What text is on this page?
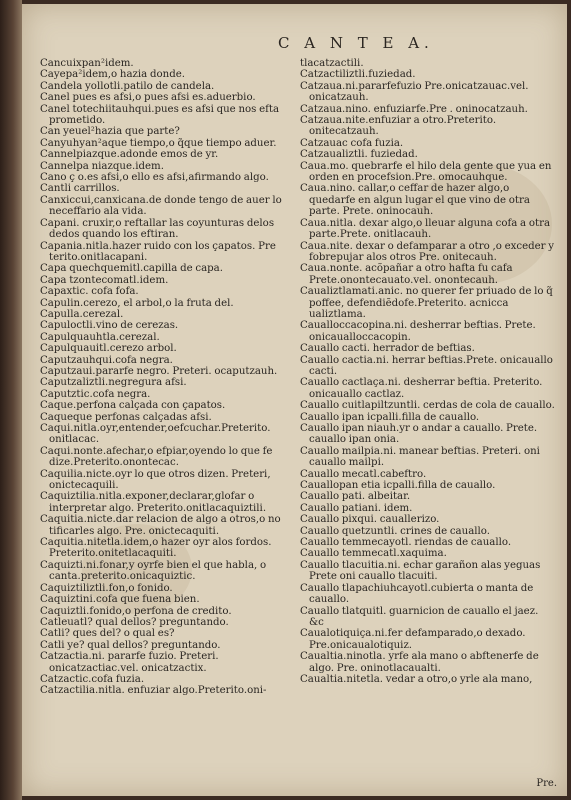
C A N T E A.

Cancuixpan²idem.

Cayepa²idem,o hazia donde.

Candela yollotli.patilo de candela.

Canel pues es afsi,o pues afsi es.aduerbio.

Canel totechiitauhqui.pues es afsi que nos efta prometido.

Can yeuel²hazia que parte?

Canyuhyan²aque tiempo,o q̃que tiempo aduer.

Cannelpiazque.adonde emos de yr.

Cannelpa niazque.idem.

Cano ç o.es afsi,o ello es afsi,afirmando algo.

Cantli carrillos.

Canxiccui,canxicana.de donde tengo de auer lo neceffario ala vida.

Capani. cruxir,o reftallar las coyunturas delos dedos quando los eftiran.

Capania.nitla.hazer ruido con los çapatos. Pre terito.onitlacapani.

Capa quechquemitl.capilla de capa.

Capa tzontecomatl.idem.

Capaxtic. cofa fofa.

Capulin.cerezo, el arbol,o la fruta del.

Capulla.cerezal.

Capuloctli.vino de cerezas.

Capulquauhtla.cerezal.

Capulquauitl.cerezo arbol.

Caputzauhqui.cofa negra.

Caputzaui.pararfe negro. Preteri. ocaputzauh.

Caputzaliztli.negregura afsi.

Caputztic.cofa negra.

Caque.perfona calçada con çapatos.

Caqueque perfonas calçadas afsi.

Caqui.nitla.oyr,entender,oefcuchar.Preterito. onitlacac.

Caqui.nonte.afechar,o efpiar,oyendo lo que fe dize.Preterito.onontecac.

Caquilia.nicte.oyr lo que otros dizen. Preteri, onictecaquili.

Caquiztilia.nitla.exponer,declarar,glofar o interpretar algo. Preterito.onitlacaquiztili.

Caquitia.nicte.dar relacion de algo a otros,o no tificarles algo. Pre. onictecaquiti.

Caquitia.nitetla.idem,o hazer oyr alos fordos. Preterito.onitetlacaquiti.

Caquizti.ni.fonar,y oyrfe bien el que habla, o canta.preterito.onicaquiztic.

Caquiztiliztli.fon,o fonido.

Caquiztini.cofa que fuena bien.

Caquiztli.fonido,o perfona de credito.

Catleuatl? qual dellos? preguntando.

Catli? ques del? o qual es?

Catli ye? qual dellos? preguntando.

Catzactia.ni. pararfe fuzio. Preteri. onicatzactiac.vel. onicatzactix.

Catzactic.cofa fuzia.

Catzactilia.nitla. enfuziar algo.Preterito.oni-

tlacatzactili.

Catzactiliztli.fuziedad.

Catzaua.ni.pararfefuzio Pre.onicatzauac.vel. onicatzauh.

Catzaua.nino. enfuziarfe.Pre . oninocatzauh.

Catzaua.nite.enfuziar a otro.Preterito. onitecatzauh.

Catzauac cofa fuzia.

Catzaualiztli. fuziedad.

Caua.mo. quebrarfe el hilo dela gente que yua en orden en procefsion.Pre. omocauhque.

Caua.nino. callar,o ceffar de hazer algo,o quedarfe en algun lugar el que vino de otra parte. Prete. oninocauh.

Caua.nitla. dexar algo,o lleuar alguna cofa a otra parte.Prete. onitlacauh.

Caua.nite. dexar o defamparar a otro ,o exceder y fobrepujar alos otros Pre. onitecauh.

Caua.nonte. acõpañar a otro hafta fu cafa Prete.onontecauato.vel. onontecauh.

Caualiztlamati.anic. no querer fer priuado de lo q̃ poffee, defendiẽdofe.Preterito. acnicca ualiztlama.

Caualloccacopina.ni. desherrar beftias. Prete. onicaualloccacopin.

Cauallo cacti. herrador de beftias.

Cauallo cactia.ni. herrar beftias.Prete. onicauallo cacti.

Cauallo cactlaça.ni. desherrar beftia. Preterito. onicauallo cactlaz.

Cauallo cuitlapiltzuntli. cerdas de cola de cauallo.

Cauallo ipan icpalli.filla de cauallo.

Cauallo ipan niauh.yr o andar a cauallo. Prete. cauallo ipan onia.

Cauallo mailpia.ni. manear beftias. Preteri. oni cauallo mailpi.

Cauallo mecatl.cabeftro.

Cauallopan etia icpalli.filla de cauallo.

Cauallo pati. albeitar.

Cauallo patiani. idem.

Cauallo pixqui. cauallerizo.

Cauallo quetzuntli. crines de cauallo.

Cauallo temmecayotl. riendas de cauallo.

Cauallo temmecatl.xaquima.

Cauallo tlacuitia.ni. echar garañon alas yeguas Prete oni cauallo tlacuiti.

Cauallo tlapachiuhcayotl.cubierta o manta de cauallo.

Cauallo tlatquitl. guarnicion de cauallo el jaez. &c

Caualotiquiça.ni.fer defamparado,o dexado. Pre.onicaualotiquiz.

Caualtia.ninotla. yrfe ala mano o abftenerfe de algo. Pre. oninotlacaualti.

Caualtia.nitetla. vedar a otro,o yrle ala mano,

Pre.
